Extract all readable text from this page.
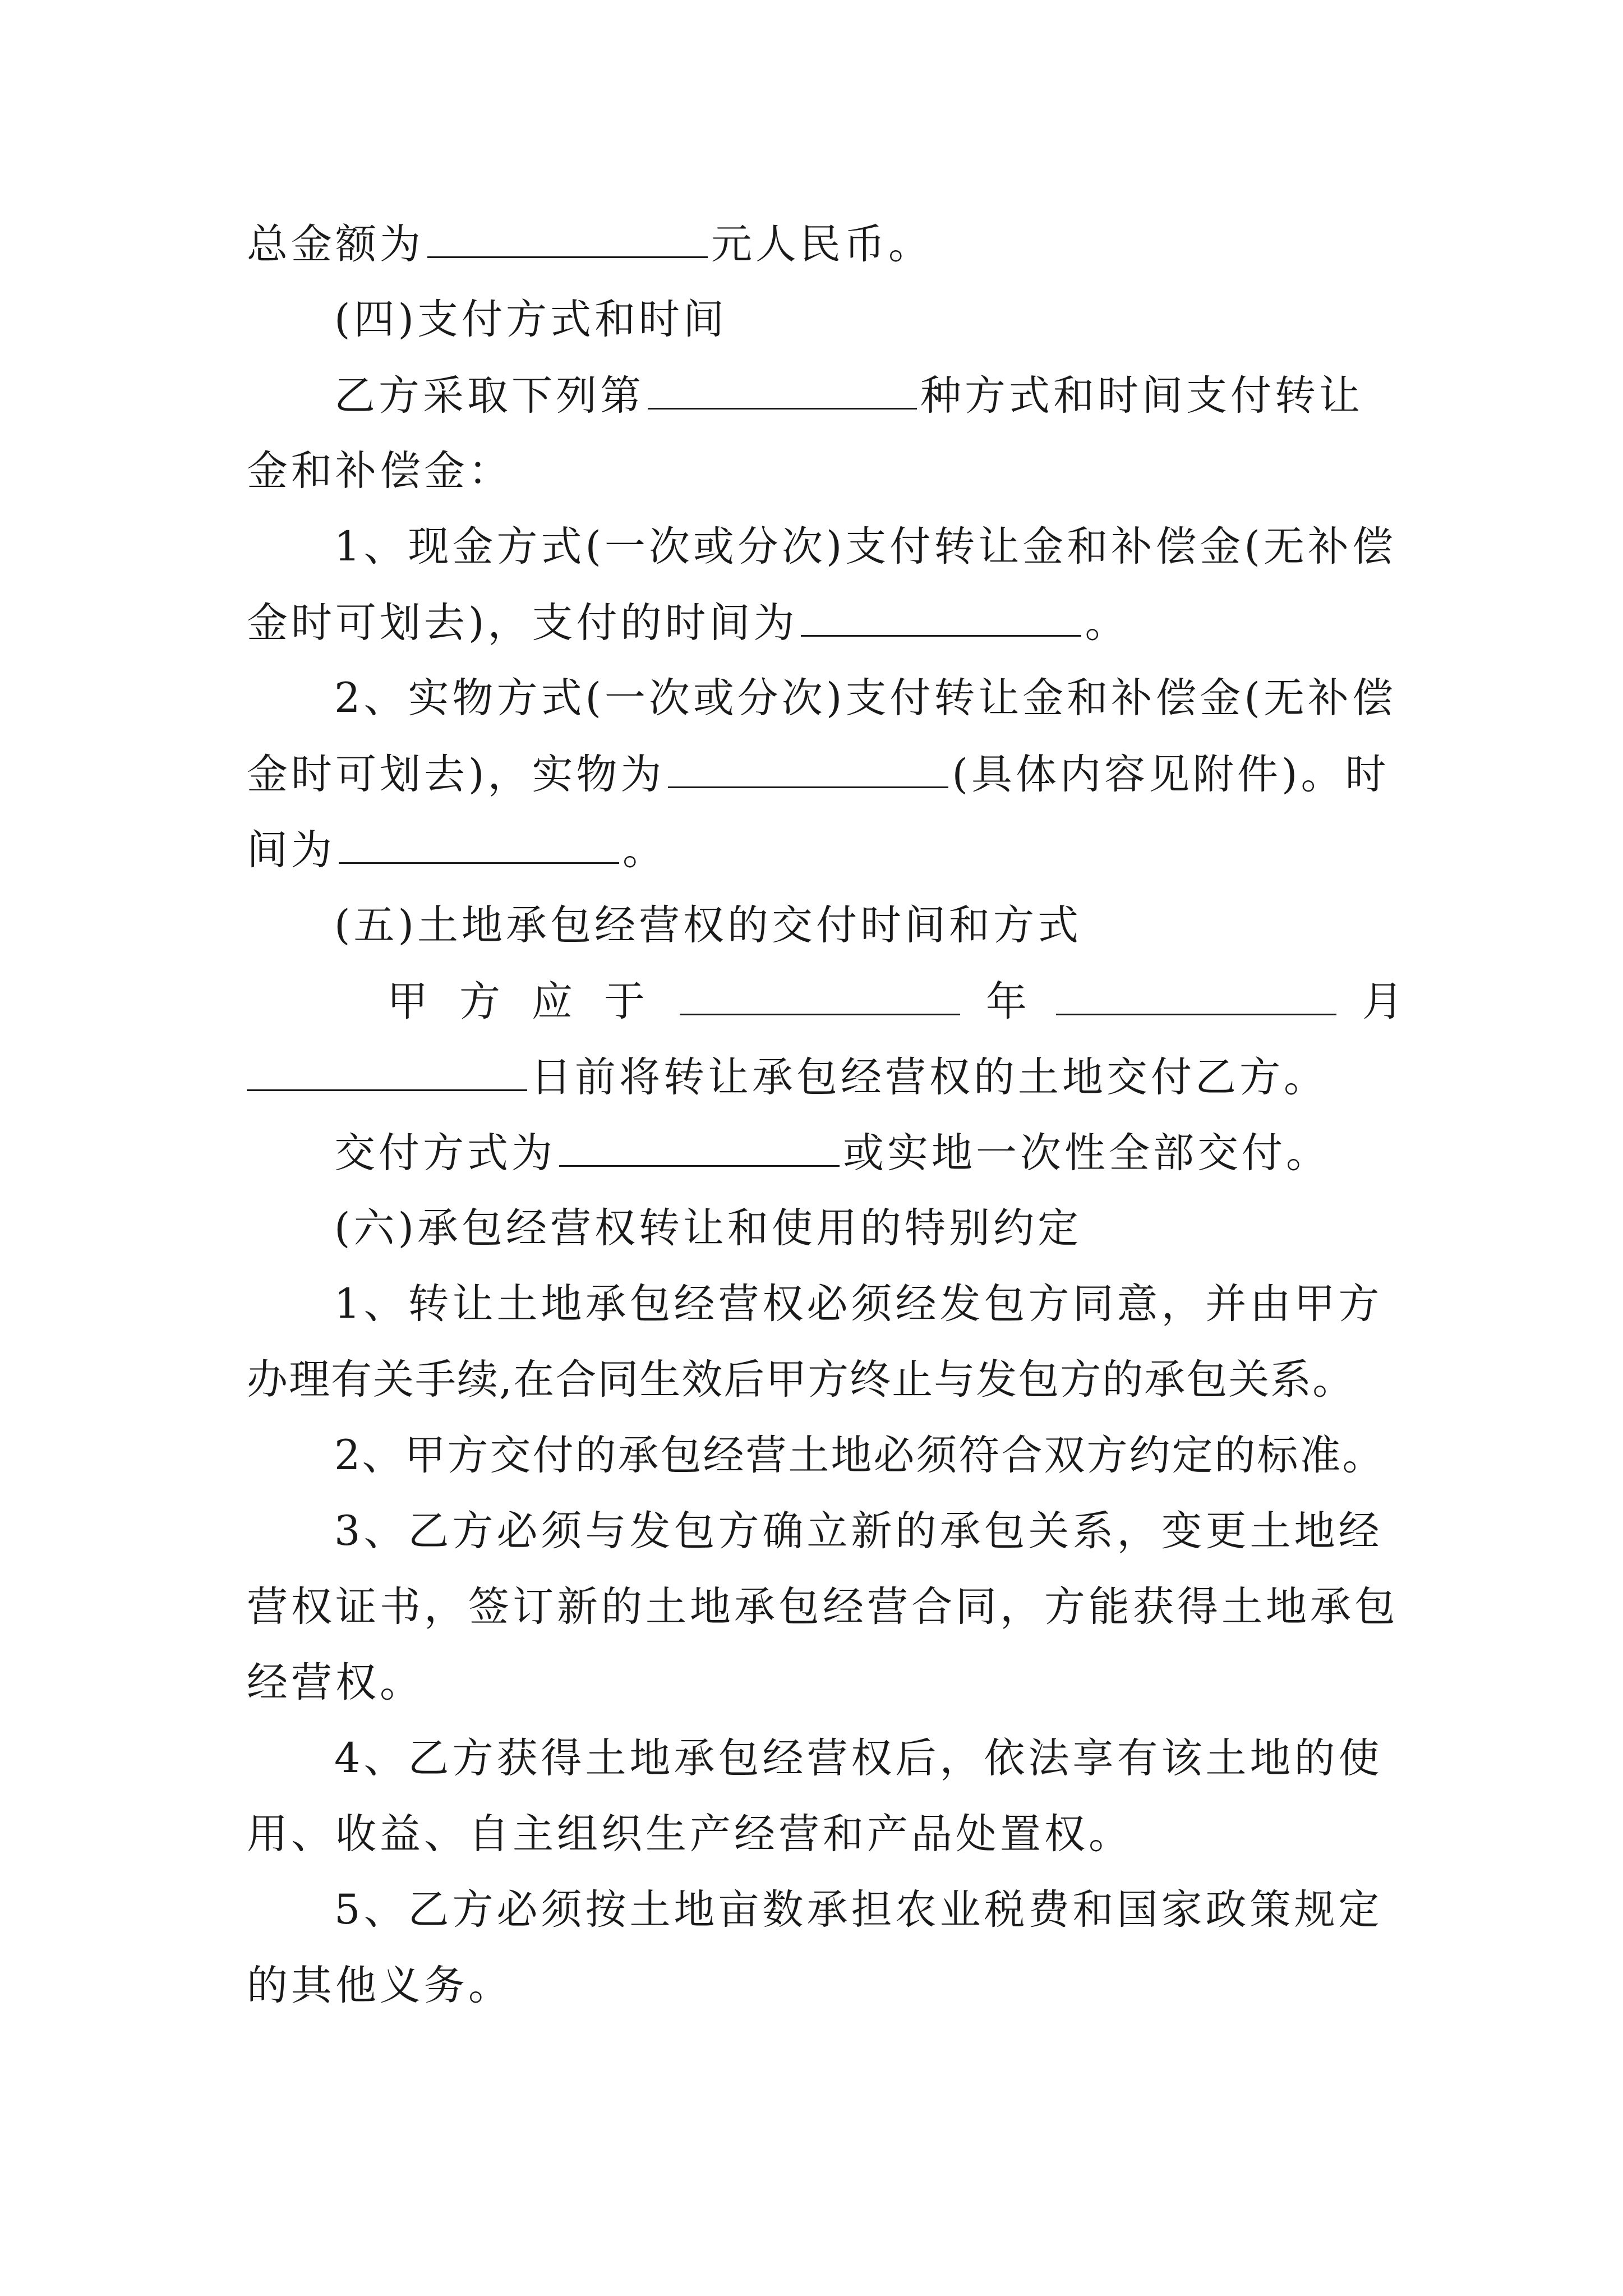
总金额为	元人民币。
(四)支付方式和时间
乙方采取下列第	种方式和时间支付转让
金和补偿金：
1、现金方式(一次或分次)支付转让金和补偿金(无补偿
金时可划去)，支付的时间为	。
2、实物方式(一次或分次)支付转让金和补偿金(无补偿
金时可划去)，实物为	(具体内容见附件)。时
间为	。
(五)土地承包经营权的交付时间和方式
甲 方 应 于	年	月
日前将转让承包经营权的土地交付乙方。
交付方式为	或实地一次性全部交付。
(六)承包经营权转让和使用的特别约定
1、转让土地承包经营权必须经发包方同意，并由甲方
办理有关手续,在合同生效后甲方终止与发包方的承包关系。
2、甲方交付的承包经营土地必须符合双方约定的标准。
3、乙方必须与发包方确立新的承包关系，变更土地经
营权证书，签订新的土地承包经营合同，方能获得土地承包
经营权。
4、乙方获得土地承包经营权后，依法享有该土地的使
用、收益、自主组织生产经营和产品处置权。
5、乙方必须按土地亩数承担农业税费和国家政策规定
的其他义务。
